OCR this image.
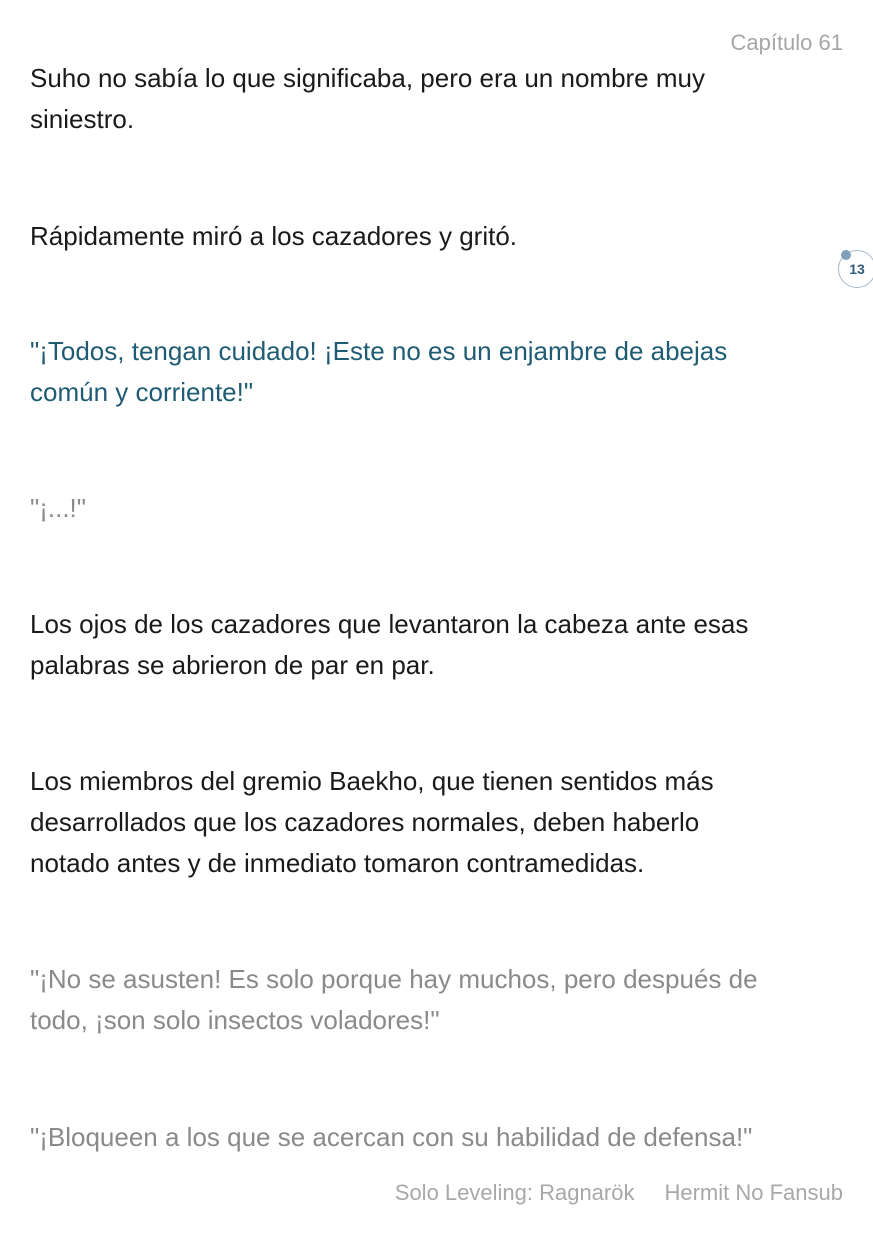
Capítulo 61
13

Suho no sabía lo que significaba, pero era un nombre muy
siniestro.

Rápidamente miró a los cazadores y gritó.

"¡Todos, tengan cuidado! ¡Este no es un enjambre de abejas
común y corriente!"

"¡...!"

Los ojos de los cazadores que levantaron la cabeza ante esas
palabras se abrieron de par en par.

Los miembros del gremio Baekho, que tienen sentidos más
desarrollados que los cazadores normales, deben haberlo
notado antes y de inmediato tomaron contramedidas.

"¡No se asusten! Es solo porque hay muchos, pero después de
todo, ¡son solo insectos voladores!"

"¡Bloqueen a los que se acercan con su habilidad de defensa!"

Solo Leveling: Ragnarök Hermit No Fansub
